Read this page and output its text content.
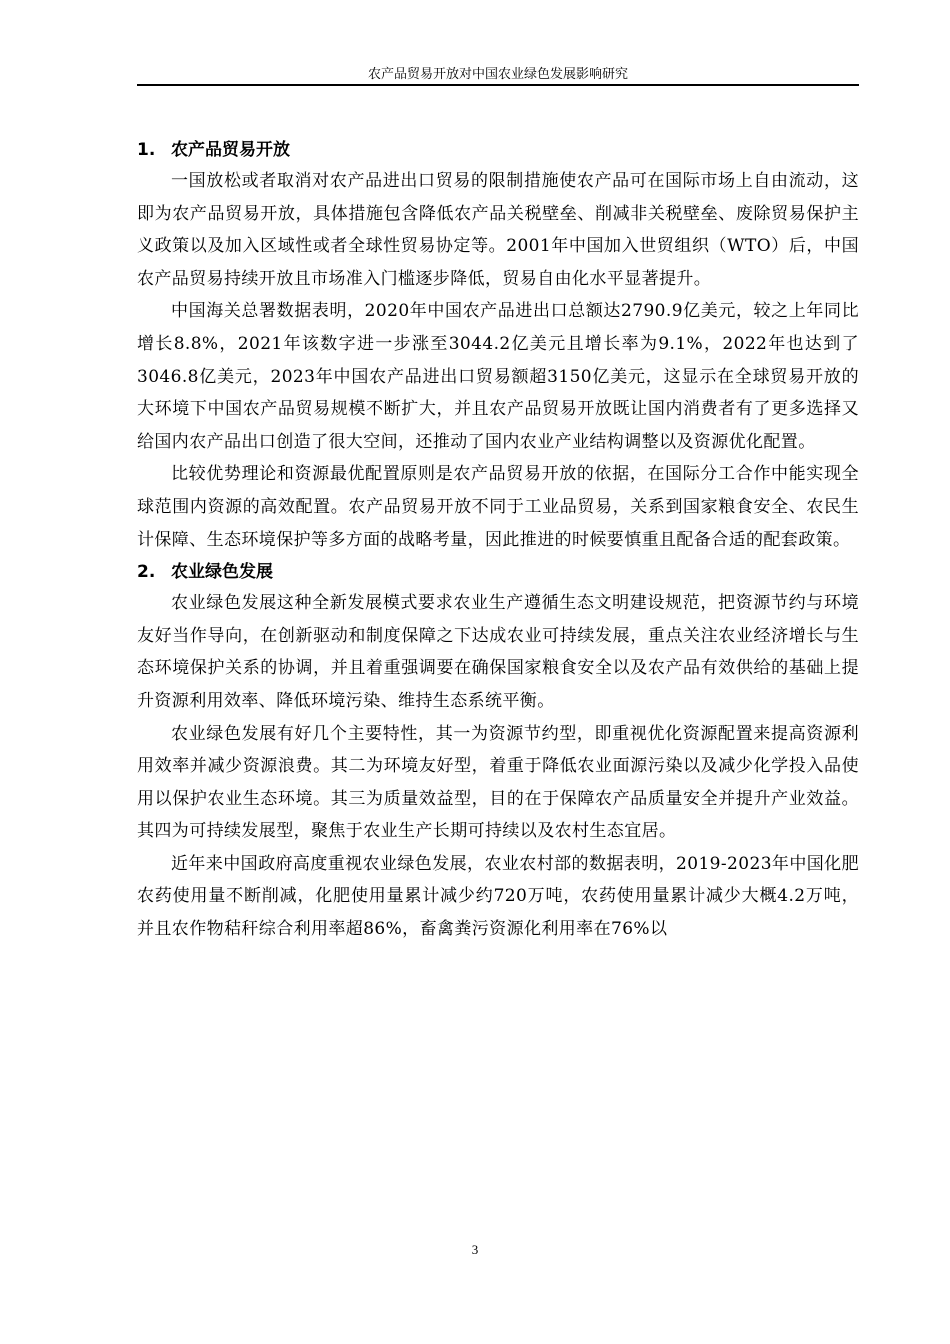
农产品贸易开放对中国农业绿色发展影响研究
1. 农产品贸易开放

一国放松或者取消对农产品进出口贸易的限制措施使农产品可在国际市场上自由流动，这即为农产品贸易开放，具体措施包含降低农产品关税壁垒、削减非关税壁垒、废除贸易保护主义政策以及加入区域性或者全球性贸易协定等。2001年中国加入世贸组织（WTO）后，中国农产品贸易持续开放且市场准入门槛逐步降低，贸易自由化水平显著提升。

中国海关总署数据表明，2020年中国农产品进出口总额达2790.9亿美元，较之上年同比增长8.8%，2021年该数字进一步涨至3044.2亿美元且增长率为9.1%，2022年也达到了3046.8亿美元，2023年中国农产品进出口贸易额超3150亿美元，这显示在全球贸易开放的大环境下中国农产品贸易规模不断扩大，并且农产品贸易开放既让国内消费者有了更多选择又给国内农产品出口创造了很大空间，还推动了国内农业产业结构调整以及资源优化配置。

比较优势理论和资源最优配置原则是农产品贸易开放的依据，在国际分工合作中能实现全球范围内资源的高效配置。农产品贸易开放不同于工业品贸易，关系到国家粮食安全、农民生计保障、生态环境保护等多方面的战略考量，因此推进的时候要慎重且配备合适的配套政策。

2. 农业绿色发展

农业绿色发展这种全新发展模式要求农业生产遵循生态文明建设规范，把资源节约与环境友好当作导向，在创新驱动和制度保障之下达成农业可持续发展，重点关注农业经济增长与生态环境保护关系的协调，并且着重强调要在确保国家粮食安全以及农产品有效供给的基础上提升资源利用效率、降低环境污染、维持生态系统平衡。

农业绿色发展有好几个主要特性，其一为资源节约型，即重视优化资源配置来提高资源利用效率并减少资源浪费。其二为环境友好型，着重于降低农业面源污染以及减少化学投入品使用以保护农业生态环境。其三为质量效益型，目的在于保障农产品质量安全并提升产业效益。其四为可持续发展型，聚焦于农业生产长期可持续以及农村生态宜居。

近年来中国政府高度重视农业绿色发展，农业农村部的数据表明，2019-2023年中国化肥农药使用量不断削减，化肥使用量累计减少约720万吨，农药使用量累计减少大概4.2万吨，并且农作物秸秆综合利用率超86%，畜禽粪污资源化利用率在76%以

3
